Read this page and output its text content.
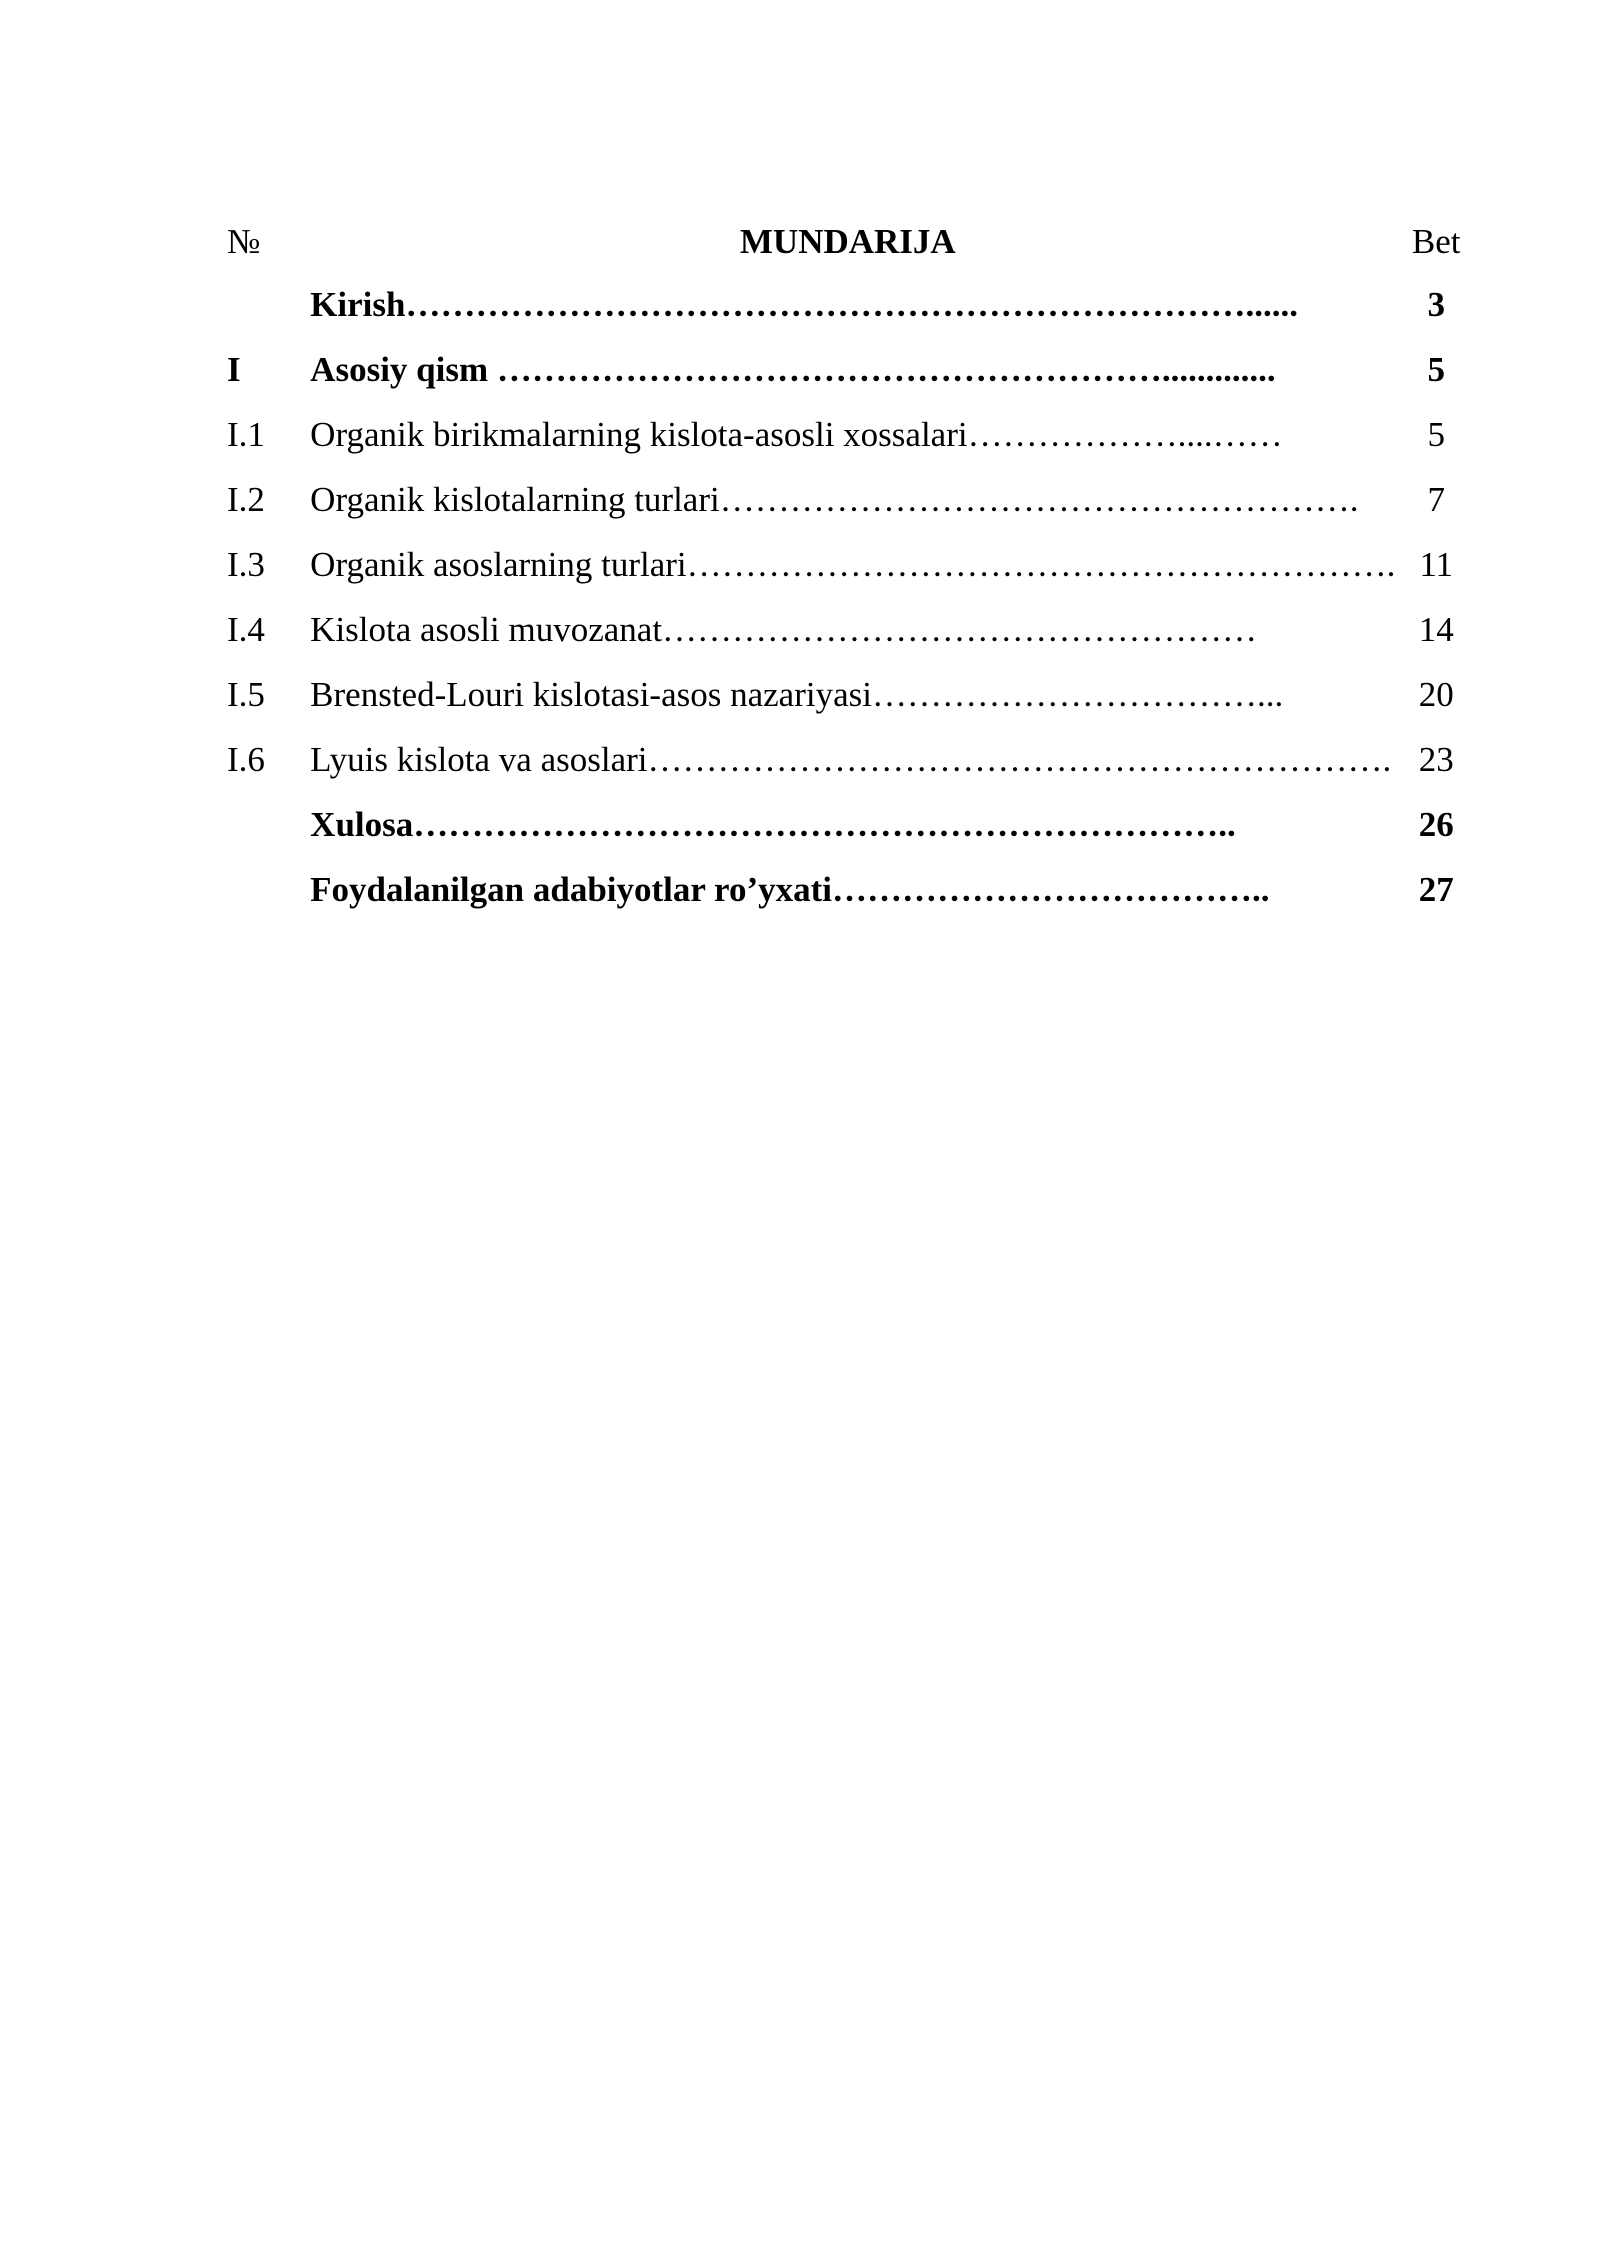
№	MUNDARIJA	Bet
	Kirish………………………………………………………………......	3
I	Asosiy qism ………………………………………………….............	5
I.1	Organik birikmalarning kislota-asosli xossalari………………....……	5
I.2	Organik kislotalarning turlari……………………………………………….	7
I.3	Organik asoslarning turlari…………………………………………………….	11
I.4	Kislota asosli muvozanat……………………………………………	14
I.5	Brensted-Louri kislotasi-asos nazariyasi……………………………...	20
I.6	Lyuis kislota va asoslari……………………………………………………….	23
	Xulosa……………………………………………………………..	26
	Foydalanilgan adabiyotlar ro’yxati………………………………..	27
